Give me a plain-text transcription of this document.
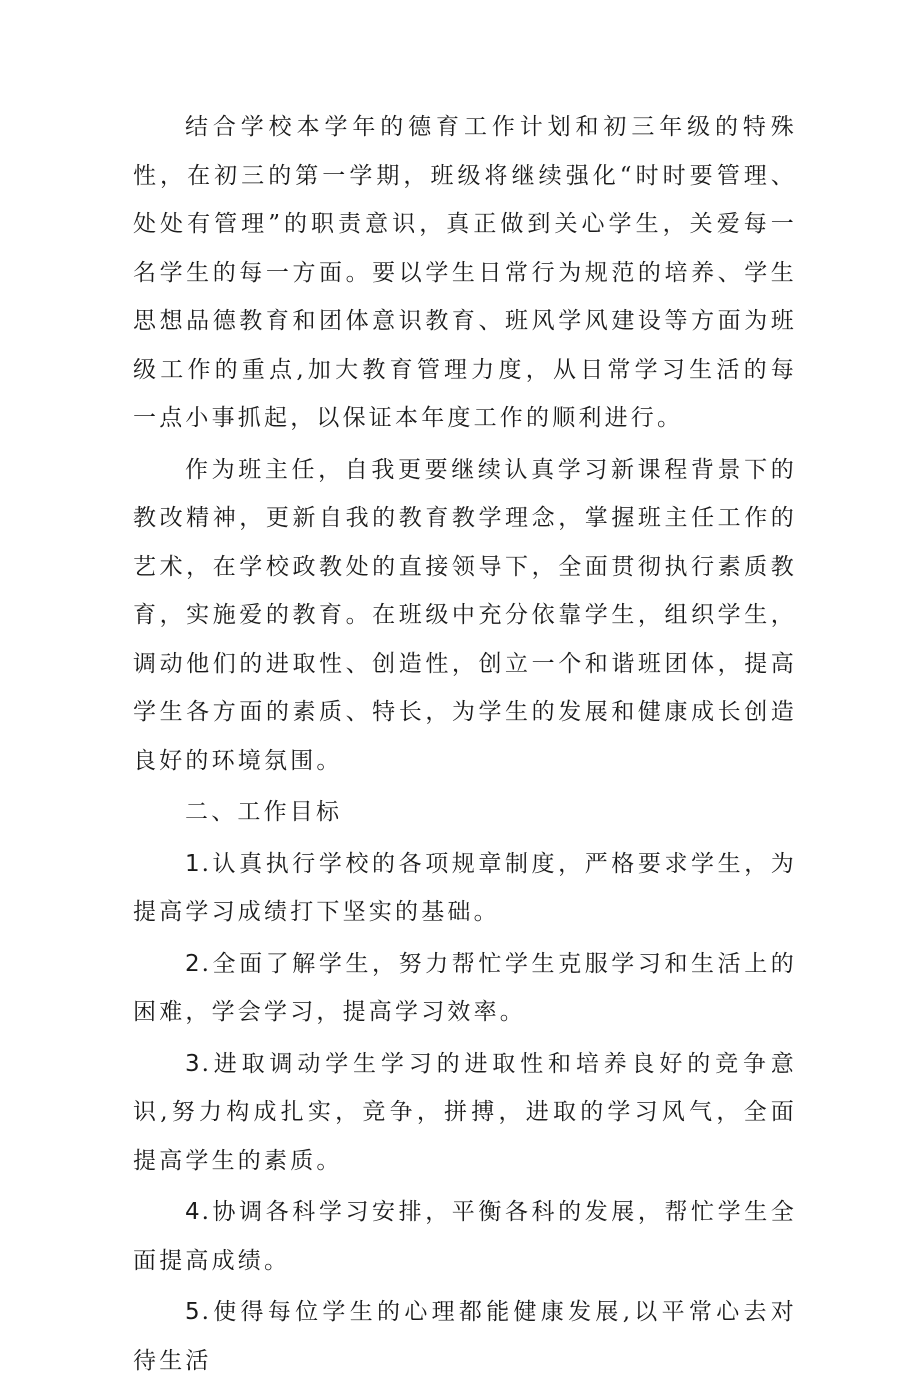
结合学校本学年的德育工作计划和初三年级的特殊性，在初三的第一学期，班级将继续强化“时时要管理、处处有管理”的职责意识，真正做到关心学生，关爱每一名学生的每一方面。要以学生日常行为规范的培养、学生思想品德教育和团体意识教育、班风学风建设等方面为班级工作的重点,加大教育管理力度，从日常学习生活的每一点小事抓起，以保证本年度工作的顺利进行。

作为班主任，自我更要继续认真学习新课程背景下的教改精神，更新自我的教育教学理念，掌握班主任工作的艺术，在学校政教处的直接领导下，全面贯彻执行素质教育，实施爱的教育。在班级中充分依靠学生，组织学生，调动他们的进取性、创造性，创立一个和谐班团体，提高学生各方面的素质、特长，为学生的发展和健康成长创造良好的环境氛围。

二、工作目标

1.认真执行学校的各项规章制度，严格要求学生，为提高学习成绩打下坚实的基础。

2.全面了解学生，努力帮忙学生克服学习和生活上的困难，学会学习，提高学习效率。

3.进取调动学生学习的进取性和培养良好的竞争意识,努力构成扎实，竞争，拼搏，进取的学习风气，全面提高学生的素质。

4.协调各科学习安排，平衡各科的发展，帮忙学生全面提高成绩。

5.使得每位学生的心理都能健康发展,以平常心去对待生活
